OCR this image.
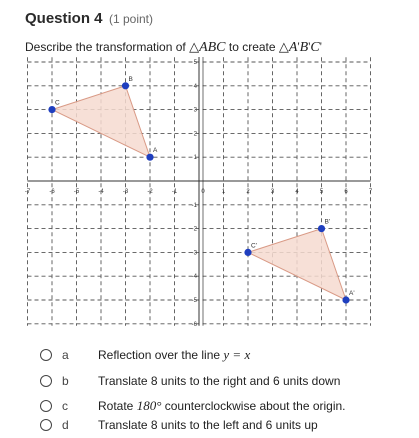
Question 4 (1 point)
Describe the transformation of △ABC to create △A'B'C'
-7	-6	-5	-4	-3	-2	-1	0	1	2	3	4	5	6	7
-6
-5
-4
-3
-2
-1
1
2
3
4
5
A
B
C
A'
B'
C'
a Reflection over the line y = x
b Translate 8 units to the right and 6 units down
c	Rotate 180° counterclockwise about the origin.
d Translate 8 units to the left and 6 units up
